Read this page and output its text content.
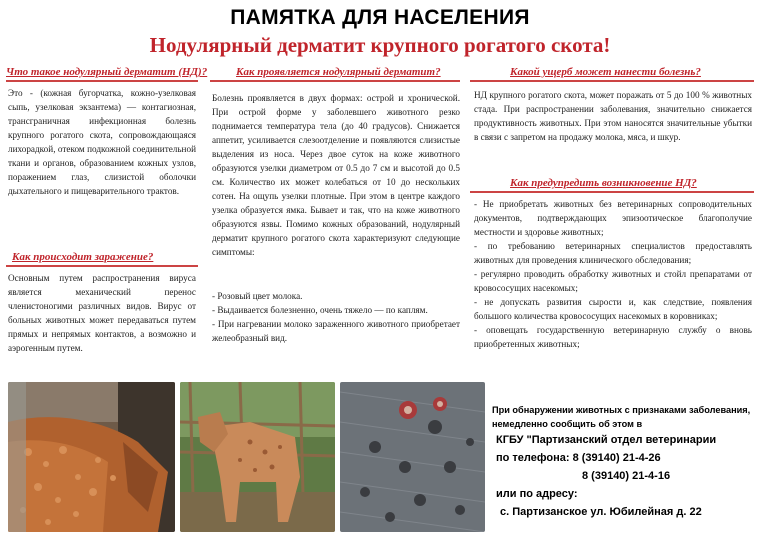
ПАМЯТКА ДЛЯ НАСЕЛЕНИЯ
Нодулярный дерматит крупного рогатого скота!
Что такое нодулярный дерматит (НД)?
Это - (кожная бугорчатка, кожно-узелковая сыпь, узелковая экзантема) — контагиозная, трансграничная инфекционная болезнь крупного рогатого скота, сопровождающаяся лихорадкой, отеком подкожной соединительной ткани и органов, образованием кожных узлов, поражением глаз, слизистой оболочки дыхательного и пищеварительного трактов.
Как происходит заражение?
Основным путем распространения вируса является механический перенос членистоногими различных видов. Вирус от больных животных может передаваться путем прямых и непрямых контактов, а возможно и аэрогенным путем.
Как проявляется нодулярный дерматит?
Болезнь проявляется в двух формах: острой и хронической. При острой форме у заболевшего животного резко поднимается температура тела (до 40 градусов). Снижается аппетит, усиливается слезоотделение и появляются слизистые выделения из носа. Через двое суток на коже животного образуются узелки диаметром от 0.5 до 7 см и высотой до 0.5 см. Количество их может колебаться от 10 до нескольких сотен. На ощупь узелки плотные. При этом в центре каждого узелка образуется ямка. Бывает и так, что на коже животного образуются язвы. Помимо кожных образований, нодулярный дерматит крупного рогатого скота характеризуют следующие симптомы:
- Розовый цвет молока.
- Выдаивается болезненно, очень тяжело — по каплям.
- При нагревании молоко зараженного животного приобретает желеобразный вид.
Какой ущерб может нанести болезнь?
НД крупного рогатого скота, может поражать от 5 до 100 % животных стада. При распространении заболевания, значительно снижается продуктивность животных. При этом наносятся значительные убытки в связи с запретом на продажу молока, мяса, и шкур.
Как предупредить возникновение НД?
- Не приобретать животных без ветеринарных сопроводительных документов, подтверждающих эпизоотическое благополучие местности и здоровье животных;
- по требованию ветеринарных специалистов предоставлять животных для проведения клинического обследования;
- регулярно проводить обработку животных и стойл препаратами от кровососущих насекомых;
- не допускать развития сырости и, как следствие, появления большого количества кровососущих насекомых в коровниках;
- оповещать государственную ветеринарную службу о вновь приобретенных животных;
При обнаружении животных с признаками заболевания, немедленно сообщить об этом в
КГБУ "Партизанский отдел ветеринарии
по телефона: 8 (39140) 21-4-26
8 (39140) 21-4-16
или по адресу:
с. Партизанское ул. Юбилейная д. 22
